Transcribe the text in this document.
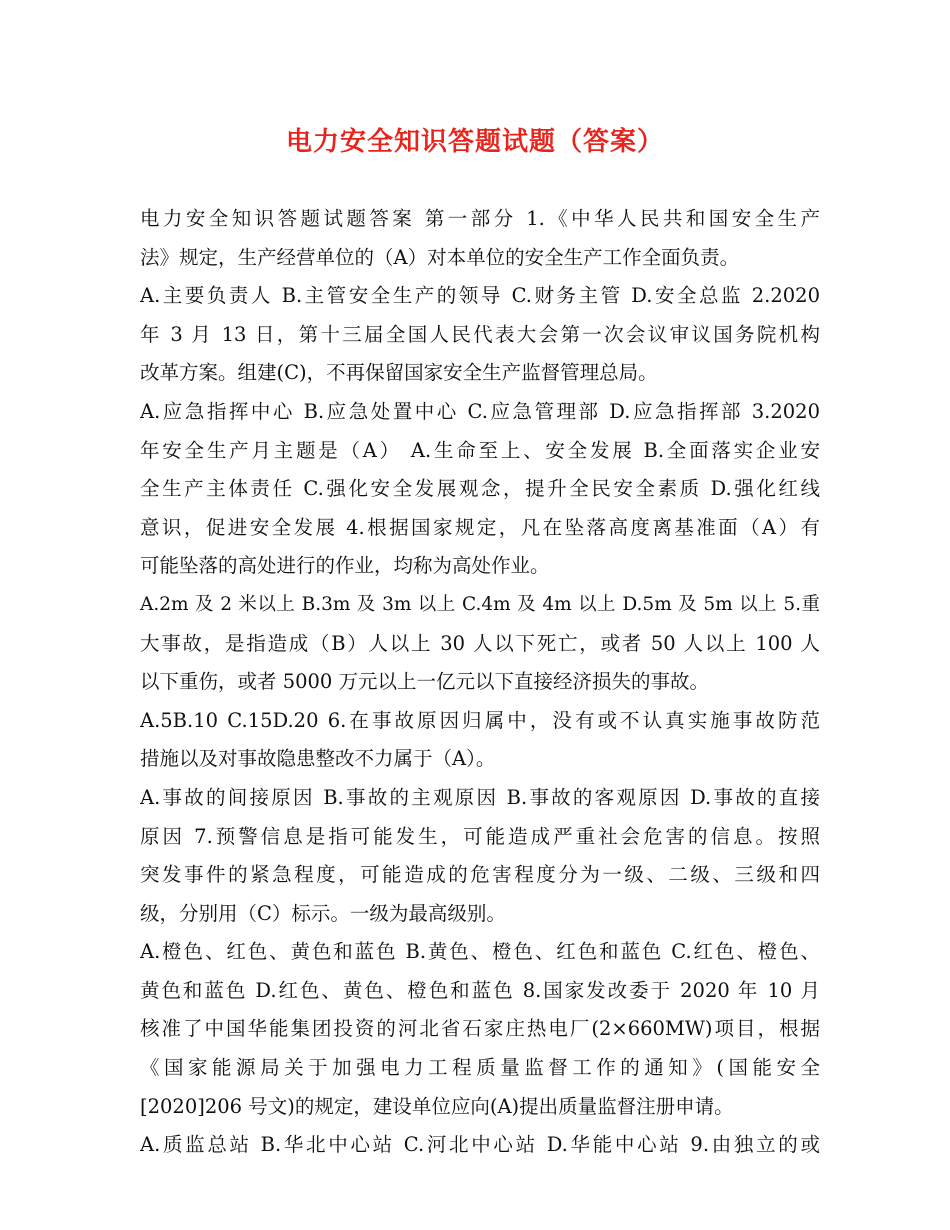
电力安全知识答题试题（答案）
电力安全知识答题试题答案 第一部分 1.《中华人民共和国安全生产
法》规定，生产经营单位的（A）对本单位的安全生产工作全面负责。
A.主要负责人 B.主管安全生产的领导 C.财务主管 D.安全总监 2.2020
年 3 月 13 日，第十三届全国人民代表大会第一次会议审议国务院机构
改革方案。组建(C)，不再保留国家安全生产监督管理总局。
A.应急指挥中心 B.应急处置中心 C.应急管理部 D.应急指挥部 3.2020
年安全生产月主题是（A） A.生命至上、安全发展 B.全面落实企业安
全生产主体责任 C.强化安全发展观念，提升全民安全素质 D.强化红线
意识，促进安全发展 4.根据国家规定，凡在坠落高度离基准面（A）有
可能坠落的高处进行的作业，均称为高处作业。
A.2m 及 2 米以上 B.3m 及 3m 以上 C.4m 及 4m 以上 D.5m 及 5m 以上 5.重
大事故，是指造成（B）人以上 30 人以下死亡，或者 50 人以上 100 人
以下重伤，或者 5000 万元以上一亿元以下直接经济损失的事故。
A.5B.10 C.15D.20 6.在事故原因归属中，没有或不认真实施事故防范
措施以及对事故隐患整改不力属于（A）。
A.事故的间接原因 B.事故的主观原因 B.事故的客观原因 D.事故的直接
原因 7.预警信息是指可能发生，可能造成严重社会危害的信息。按照
突发事件的紧急程度，可能造成的危害程度分为一级、二级、三级和四
级，分别用（C）标示。一级为最高级别。
A.橙色、红色、黄色和蓝色 B.黄色、橙色、红色和蓝色 C.红色、橙色、
黄色和蓝色 D.红色、黄色、橙色和蓝色 8.国家发改委于 2020 年 10 月
核准了中国华能集团投资的河北省石家庄热电厂(2×660MW)项目，根据
《国家能源局关于加强电力工程质量监督工作的通知》(国能安全
[2020]206 号文)的规定，建设单位应向(A)提出质量监督注册申请。
A.质监总站 B.华北中心站 C.河北中心站 D.华能中心站 9.由独立的或
